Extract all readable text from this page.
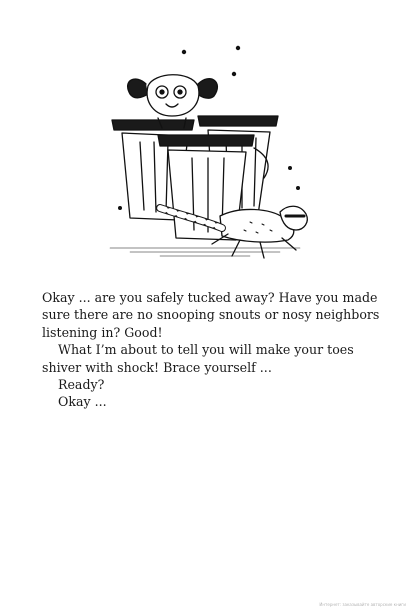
Okay ... are you safely tucked away? Have you made sure there are no snooping snouts or nosy neighbors listening in? Good!

What I’m about to tell you will make your toes shiver with shock! Brace yourself ...

Ready?

Okay ...

Интернет: заказывайте авторские книги
